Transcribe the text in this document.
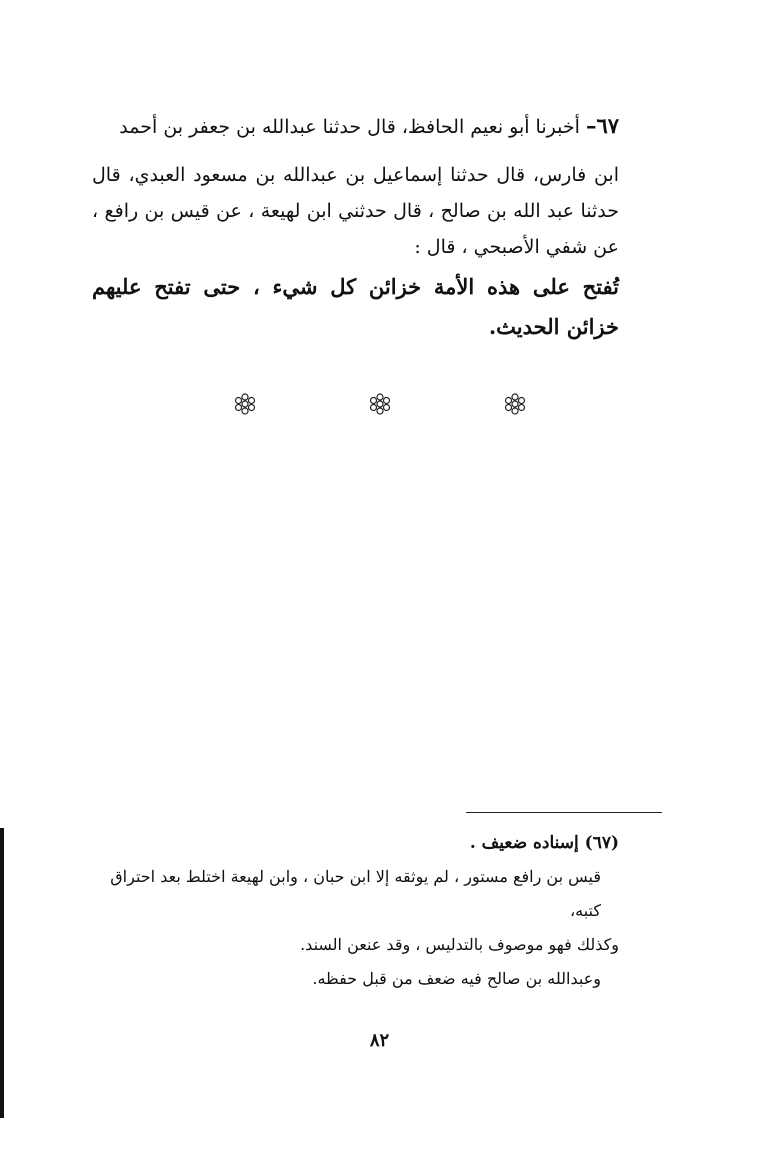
٦٧– أخبرنا أبو نعيم الحافظ، قال حدثنا عبدالله بن جعفر بن أحمد

ابن فارس، قال حدثنا إسماعيل بن عبدالله بن مسعود العبدي، قال حدثنا عبد الله بن صالح ، قال حدثني ابن لهيعة ، عن قيس بن رافع ، عن شفي الأصبحي ، قال :

تُفتح على هذه الأمة خزائن كل شيء ، حتى تفتح عليهم خزائن الحديث.

(٦٧) إسناده ضعيف .

قيس بن رافع مستور ، لم يوثقه إلا ابن حبان ، وابن لهيعة اختلط بعد احتراق كتبه،

وكذلك فهو موصوف بالتدليس ، وقد عنعن السند.

وعبدالله بن صالح فيه ضعف من قبل حفظه.

٨٢
